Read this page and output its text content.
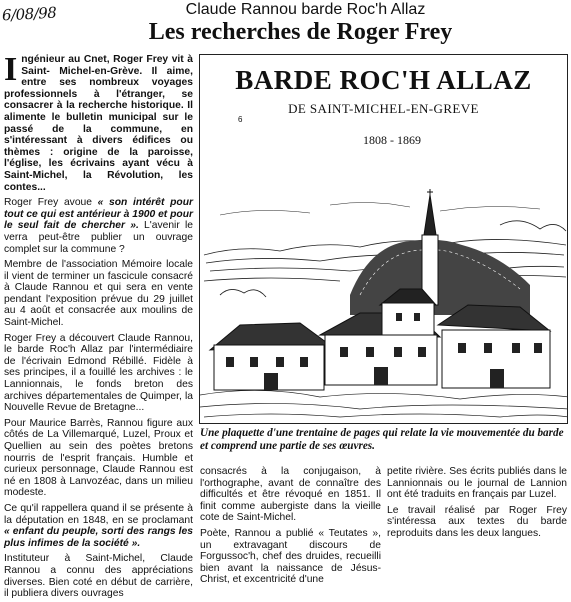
6/08/98	Claude Rannou barde Roc'h Allaz
Les recherches de Roger Frey

Ingénieur au Cnet, Roger Frey vit à Saint- Michel-en-Grève. Il aime, entre ses nombreux voyages professionnels à l'étranger, se consacrer à la recherche historique. Il alimente le bulletin municipal sur le passé de la commune, en s'intéressant à divers édifices ou thèmes : origine de la paroisse, l'église, les écrivains ayant vécu à Saint-Michel, la Révolution, les contes...

Roger Frey avoue « son intérêt pour tout ce qui est antérieur à 1900 et pour le seul fait de chercher ». L'avenir le verra peut-être publier un ouvrage complet sur la commune ?

Membre de l'association Mémoire locale il vient de terminer un fascicule consacré à Claude Rannou et qui sera en vente pendant l'exposition prévue du 29 juillet au 4 août et consacrée aux moulins de Saint-Michel.

Roger Frey a découvert Claude Rannou, le barde Roc'h Allaz par l'intermédiaire de l'écrivain Edmond Rébillé. Fidèle à ses principes, il a fouillé les archives : le Lannionnais, le fonds breton des archives départementales de Quimper, la Nouvelle Revue de Bretagne...

Pour Maurice Barrès, Rannou figure aux côtés de La Villemarqué, Luzel, Proux et Quellien au sein des poètes bretons nourris de l'esprit français. Humble et curieux personnage, Claude Rannou est né en 1808 à Lanvozéac, dans un milieu modeste.

Ce qu'il rappellera quand il se présente à la députation en 1848, en se proclamant « enfant du peuple, sorti des rangs les plus infimes de la société ».

Instituteur à Saint-Michel, Claude Rannou a connu des appréciations diverses. Bien coté en début de carrière, il publiera divers ouvrages

BARDE ROC'H ALLAZ
DE SAINT-MICHEL-EN-GREVE
6
1808 - 1869
Une plaquette d'une trentaine de pages qui relate la vie mouvementée du barde et comprend une partie de ses œuvres.

consacrés à la conjugaison, à l'orthographe, avant de connaître des difficultés et être révoqué en 1851. Il finit comme aubergiste dans la vieille cote de Saint-Michel.

Poète, Rannou a publié « Teutates », un extravagant discours de Forgussoc'h, chef des druides, recueilli bien avant la naissance de Jésus-Christ, et excentricité d'une

petite rivière. Ses écrits publiés dans le Lannionnais ou le journal de Lannion ont été traduits en français par Luzel.

Le travail réalisé par Roger Frey s'intéressa aux textes du barde reproduits dans les deux langues.
